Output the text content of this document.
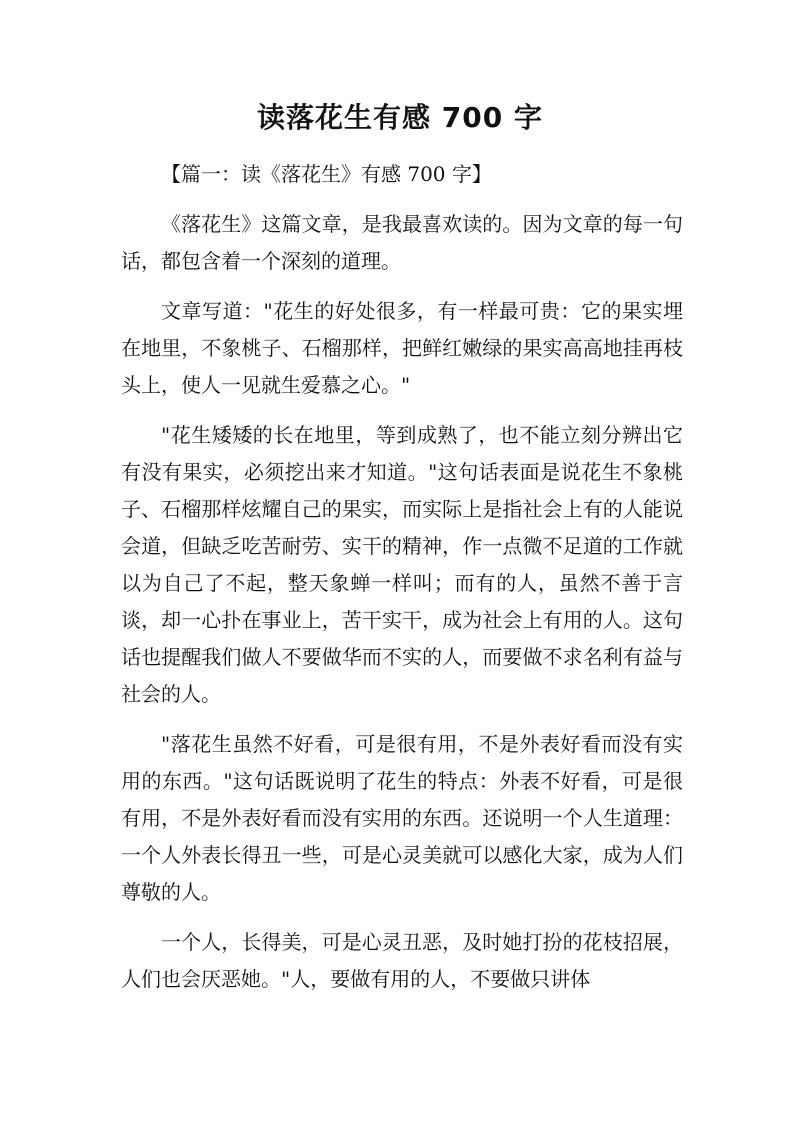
读落花生有感 700 字

【篇一：读《落花生》有感 700 字】

《落花生》这篇文章，是我最喜欢读的。因为文章的每一句话，都包含着一个深刻的道理。

文章写道："花生的好处很多，有一样最可贵：它的果实埋在地里，不象桃子、石榴那样，把鲜红嫩绿的果实高高地挂再枝头上，使人一见就生爱慕之心。"

"花生矮矮的长在地里，等到成熟了，也不能立刻分辨出它有没有果实，必须挖出来才知道。"这句话表面是说花生不象桃子、石榴那样炫耀自己的果实，而实际上是指社会上有的人能说会道，但缺乏吃苦耐劳、实干的精神，作一点微不足道的工作就以为自己了不起，整天象蝉一样叫；而有的人，虽然不善于言谈，却一心扑在事业上，苦干实干，成为社会上有用的人。这句话也提醒我们做人不要做华而不实的人，而要做不求名利有益与社会的人。

"落花生虽然不好看，可是很有用，不是外表好看而没有实用的东西。"这句话既说明了花生的特点：外表不好看，可是很有用，不是外表好看而没有实用的东西。还说明一个人生道理：一个人外表长得丑一些，可是心灵美就可以感化大家，成为人们尊敬的人。

一个人，长得美，可是心灵丑恶，及时她打扮的花枝招展，人们也会厌恶她。"人，要做有用的人，不要做只讲体
